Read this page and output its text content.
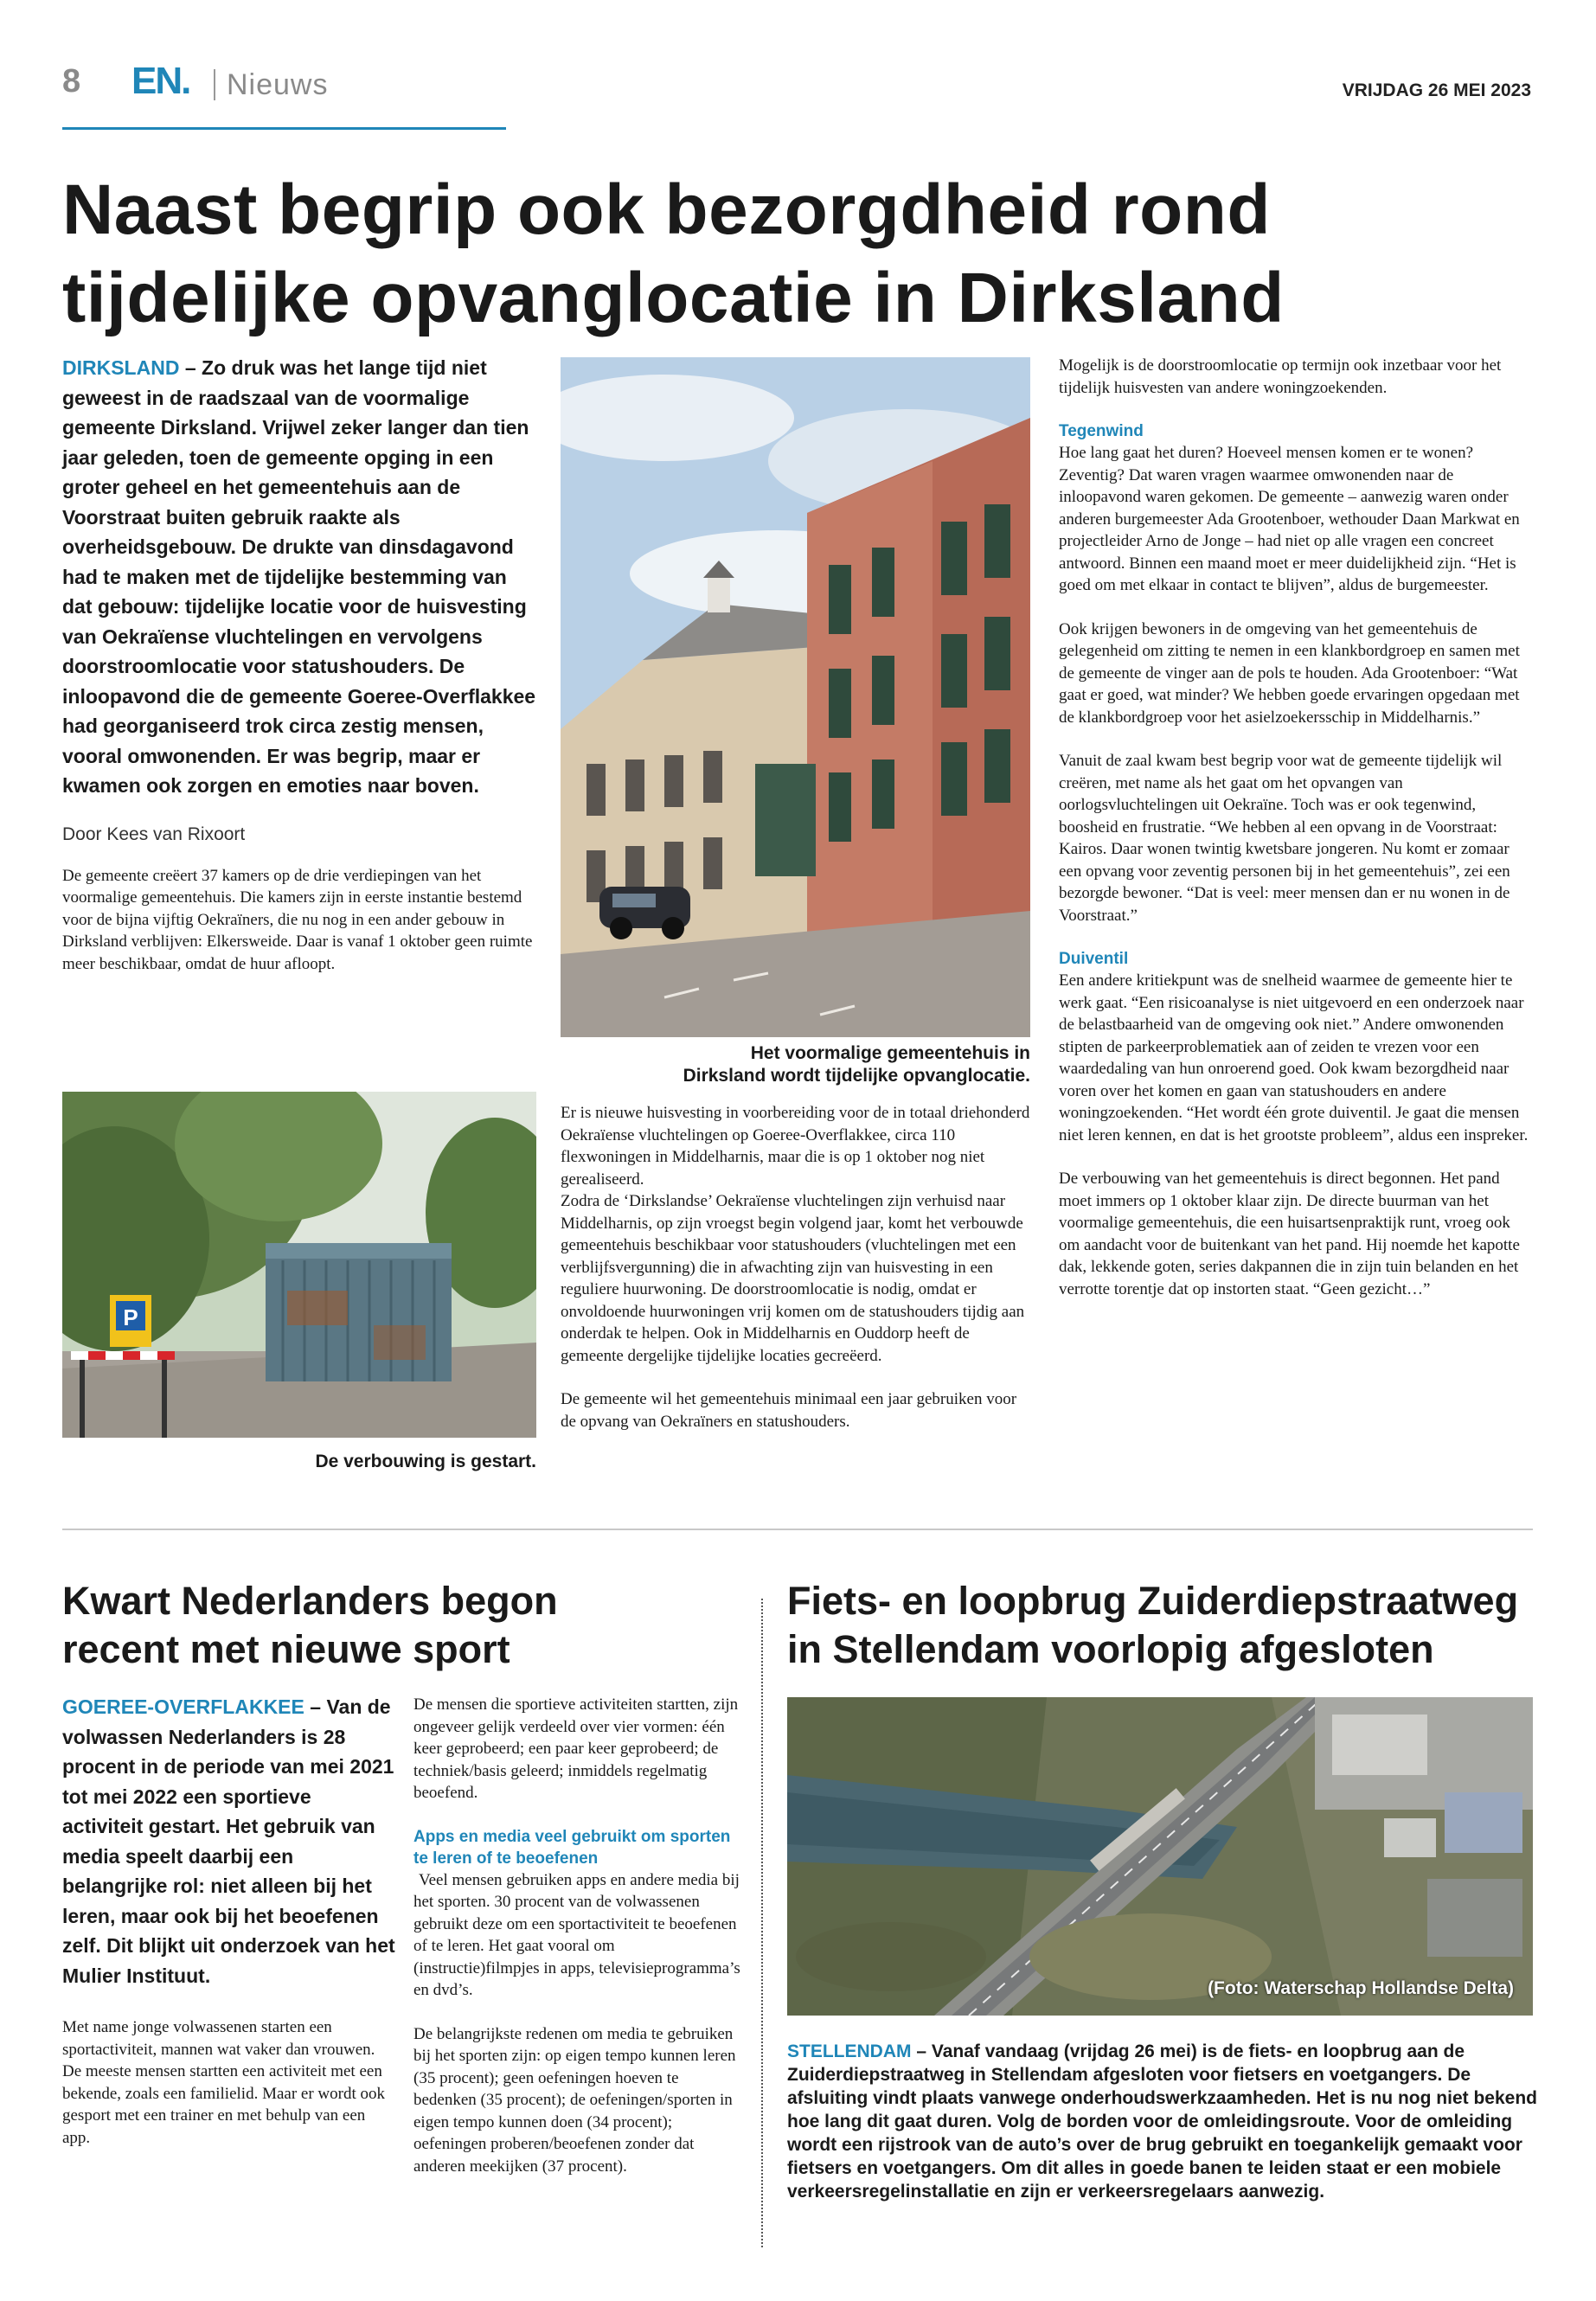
8 EN. Nieuws	VRIJDAG 26 MEI 2023
Naast begrip ook bezorgdheid rond
tijdelijke opvanglocatie in Dirksland
DIRKSLAND – Zo druk was het lange tijd niet geweest in de raadszaal van de voormalige gemeente Dirksland. Vrijwel zeker langer dan tien jaar geleden, toen de gemeente opging in een groter geheel en het gemeentehuis aan de Voorstraat buiten gebruik raakte als overheidsgebouw. De drukte van dinsdagavond had te maken met de tijdelijke bestemming van dat gebouw: tijdelijke locatie voor de huisvesting van Oekraïense vluchtelingen en vervolgens doorstroomlocatie voor statushouders. De inloopavond die de gemeente Goeree-Overflakkee had georganiseerd trok circa zestig mensen, vooral omwonenden. Er was begrip, maar er kwamen ook zorgen en emoties naar boven.
Door Kees van Rixoort
De gemeente creëert 37 kamers op de drie verdiepingen van het voormalige gemeentehuis. Die kamers zijn in eerste instantie bestemd voor de bijna vijftig Oekraïners, die nu nog in een ander gebouw in Dirksland verblijven: Elkersweide. Daar is vanaf 1 oktober geen ruimte meer beschikbaar, omdat de huur afloopt.
P
De verbouwing is gestart.
Het voormalige gemeentehuis in
Dirksland wordt tijdelijke opvanglocatie.
Er is nieuwe huisvesting in voorbereiding voor de in totaal driehonderd Oekraïense vluchtelingen op Goeree-Overflakkee, circa 110 flexwoningen in Middelharnis, maar die is op 1 oktober nog niet gerealiseerd.

Zodra de ‘Dirkslandse’ Oekraïense vluchtelingen zijn verhuisd naar Middelharnis, op zijn vroegst begin volgend jaar, komt het verbouwde gemeentehuis beschikbaar voor statushouders (vluchtelingen met een verblijfsvergunning) die in afwachting zijn van huisvesting in een reguliere huurwoning. De doorstroomlocatie is nodig, omdat er onvoldoende huurwoningen vrij komen om de statushouders tijdig aan onderdak te helpen. Ook in Middelharnis en Ouddorp heeft de gemeente dergelijke tijdelijke locaties gecreëerd.

De gemeente wil het gemeentehuis minimaal een jaar gebruiken voor de opvang van Oekraïners en statushouders.

Mogelijk is de doorstroomlocatie op termijn ook inzetbaar voor het tijdelijk huisvesten van andere woningzoekenden.

Tegenwind

Hoe lang gaat het duren? Hoeveel mensen komen er te wonen? Zeventig? Dat waren vragen waarmee omwonenden naar de inloopavond waren gekomen. De gemeente – aanwezig waren onder anderen burgemeester Ada Grootenboer, wethouder Daan Markwat en projectleider Arno de Jonge – had niet op alle vragen een concreet antwoord. Binnen een maand moet er meer duidelijkheid zijn. “Het is goed om met elkaar in contact te blijven”, aldus de burgemeester.

Ook krijgen bewoners in de omgeving van het gemeentehuis de gelegenheid om zitting te nemen in een klankbordgroep en samen met de gemeente de vinger aan de pols te houden. Ada Grootenboer: “Wat gaat er goed, wat minder? We hebben goede ervaringen opgedaan met de klankbordgroep voor het asielzoekersschip in Middelharnis.”

Vanuit de zaal kwam best begrip voor wat de gemeente tijdelijk wil creëren, met name als het gaat om het opvangen van oorlogsvluchtelingen uit Oekraïne. Toch was er ook tegenwind, boosheid en frustratie. “We hebben al een opvang in de Voorstraat: Kairos. Daar wonen twintig kwetsbare jongeren. Nu komt er zomaar een opvang voor zeventig personen bij in het gemeentehuis”, zei een bezorgde bewoner. “Dat is veel: meer mensen dan er nu wonen in de Voorstraat.”

Duiventil

Een andere kritiekpunt was de snelheid waarmee de gemeente hier te werk gaat. “Een risicoanalyse is niet uitgevoerd en een onderzoek naar de belastbaarheid van de omgeving ook niet.” Andere omwonenden stipten de parkeerproblematiek aan of zeiden te vrezen voor een waardedaling van hun onroerend goed. Ook kwam bezorgdheid naar voren over het komen en gaan van statushouders en andere woningzoekenden. “Het wordt één grote duiventil. Je gaat die mensen niet leren kennen, en dat is het grootste probleem”, aldus een inspreker.

De verbouwing van het gemeentehuis is direct begonnen. Het pand moet immers op 1 oktober klaar zijn. De directe buurman van het voormalige gemeentehuis, die een huisartsenpraktijk runt, vroeg ook om aandacht voor de buitenkant van het pand. Hij noemde het kapotte dak, lekkende goten, series dakpannen die in zijn tuin belanden en het verrotte torentje dat op instorten staat. “Geen gezicht…”

Kwart Nederlanders begon
recent met nieuwe sport
GOEREE-OVERFLAKKEE – Van de volwassen Nederlanders is 28 procent in de periode van mei 2021 tot mei 2022 een sportieve activiteit gestart. Het gebruik van media speelt daarbij een belangrijke rol: niet alleen bij het leren, maar ook bij het beoefenen zelf. Dit blijkt uit onderzoek van het Mulier Instituut.
Met name jonge volwassenen starten een sportactiviteit, mannen wat vaker dan vrouwen. De meeste mensen startten een activiteit met een bekende, zoals een familielid. Maar er wordt ook gesport met een trainer en met behulp van een app.

De mensen die sportieve activiteiten startten, zijn ongeveer gelijk verdeeld over vier vormen: één keer geprobeerd; een paar keer geprobeerd; de techniek/basis geleerd; inmiddels regelmatig beoefend.

Apps en media veel gebruikt om sporten te leren of te beoefenen

Veel mensen gebruiken apps en andere media bij het sporten. 30 procent van de volwassenen gebruikt deze om een sportactiviteit te beoefenen of te leren. Het gaat vooral om (instructie)filmpjes in apps, televisieprogramma’s en dvd’s.

De belangrijkste redenen om media te gebruiken bij het sporten zijn: op eigen tempo kunnen leren (35 procent); geen oefeningen hoeven te bedenken (35 procent); de oefeningen/sporten in eigen tempo kunnen doen (34 procent); oefeningen proberen/beoefenen zonder dat anderen meekijken (37 procent).

Fiets- en loopbrug Zuiderdiepstraatweg
in Stellendam voorlopig afgesloten
(Foto: Waterschap Hollandse Delta)
STELLENDAM – Vanaf vandaag (vrijdag 26 mei) is de fiets- en loopbrug aan de Zuiderdiepstraatweg in Stellendam afgesloten voor fietsers en voetgangers. De afsluiting vindt plaats vanwege onderhoudswerkzaamheden. Het is nu nog niet bekend hoe lang dit gaat duren. Volg de borden voor de omleidingsroute. Voor de omleiding wordt een rijstrook van de auto’s over de brug gebruikt en toegankelijk gemaakt voor fietsers en voetgangers. Om dit alles in goede banen te leiden staat er een mobiele verkeersregelinstallatie en zijn er verkeersregelaars aanwezig.
